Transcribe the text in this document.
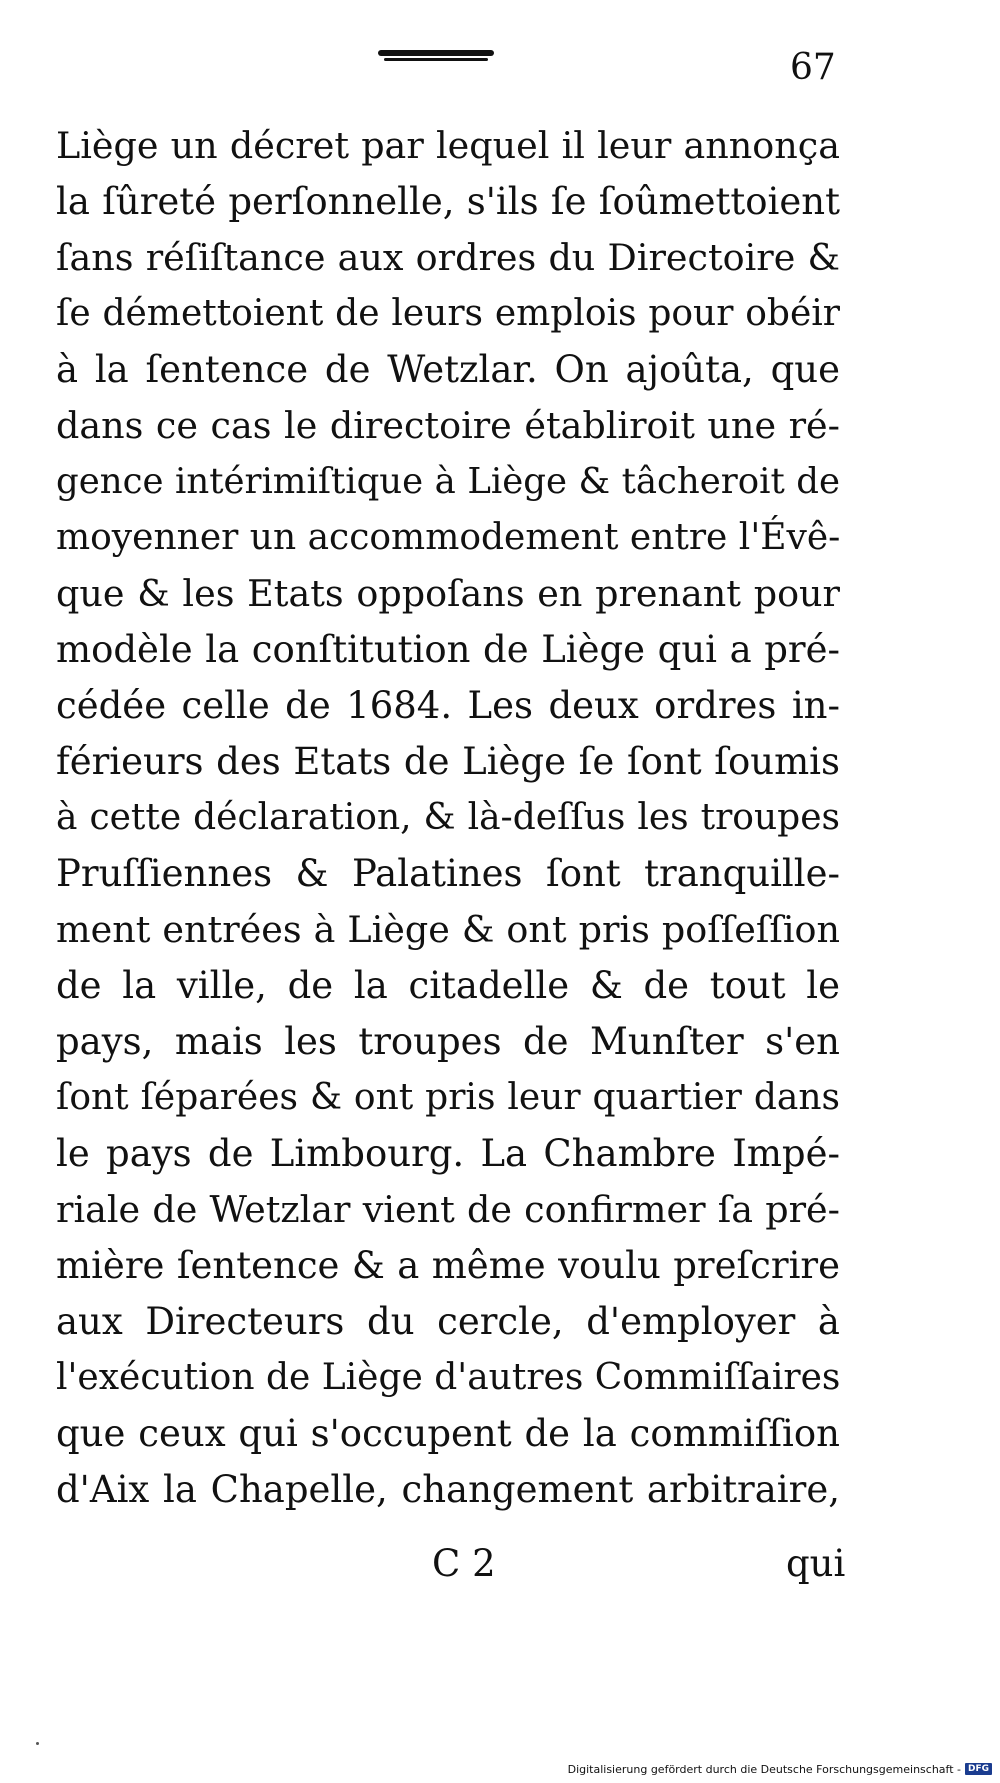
67
Liège un décret par lequel il leur annonça
la ſûreté perſonnelle, s'ils ſe ſoûmettoient
ſans réſiſtance aux ordres du Directoire &
ſe démettoient de leurs emplois pour obéir
à la ſentence de Wetzlar. On ajoûta, que
dans ce cas le directoire établiroit une ré-
gence intérimiſtique à Liège & tâcheroit de
moyenner un accommodement entre l'Évê-
que & les Etats oppoſans en prenant pour
modèle la conſtitution de Liège qui a pré-
cédée celle de 1684. Les deux ordres in-
férieurs des Etats de Liège ſe ſont ſoumis
à cette déclaration, & là-deſſus les troupes
Pruſſiennes & Palatines ſont tranquille-
ment entrées à Liège & ont pris poſſeſſion
de la ville, de la citadelle & de tout le
pays, mais les troupes de Munſter s'en
ſont ſéparées & ont pris leur quartier dans
le pays de Limbourg. La Chambre Impé-
riale de Wetzlar vient de confirmer ſa pré-
mière ſentence & a même voulu preſcrire
aux Directeurs du cercle, d'employer à
l'exécution de Liège d'autres Commiſſaires
que ceux qui s'occupent de la commiſſion
d'Aix la Chapelle, changement arbitraire,
C 2	qui
Digitalisierung gefördert durch die Deutsche Forschungsgemeinschaft - DFG
